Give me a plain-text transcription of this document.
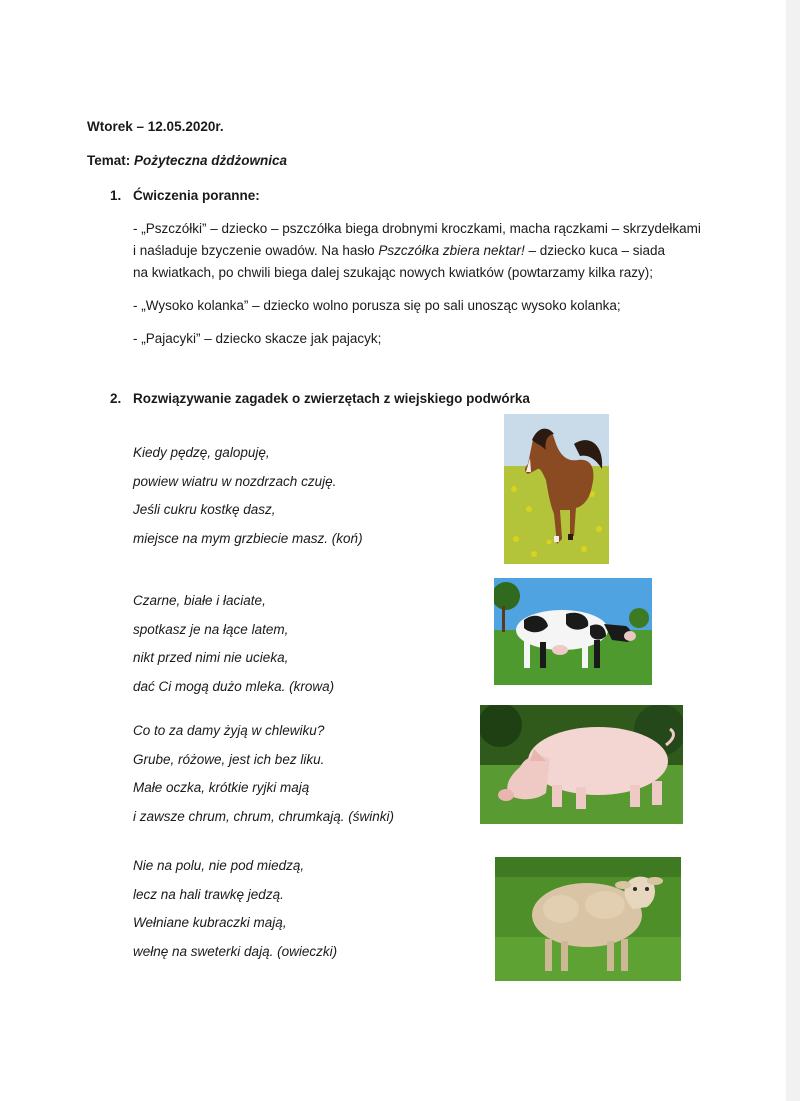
Wtorek – 12.05.2020r.
Temat: Pożyteczna dżdżownica
1. Ćwiczenia poranne:
- „Pszczółki” – dziecko – pszczółka biega drobnymi kroczkami, macha rączkami – skrzydełkami
i naśladuje bzyczenie owadów. Na hasło Pszczółka zbiera nektar! – dziecko kuca – siada
na kwiatkach, po chwili biega dalej szukając nowych kwiatków (powtarzamy kilka razy);
- „Wysoko kolanka” – dziecko wolno porusza się po sali unosząc wysoko kolanka;
- „Pajacyki” – dziecko skacze jak pajacyk;
2. Rozwiązywanie zagadek o zwierzętach z wiejskiego podwórka
Kiedy pędzę, galopuję,
powiew wiatru w nozdrzach czuję.
Jeśli cukru kostkę dasz,
miejsce na mym grzbiecie masz. (koń)
Czarne, białe i łaciate,
spotkasz je na łące latem,
nikt przed nimi nie ucieka,
dać Ci mogą dużo mleka. (krowa)
Co to za damy żyją w chlewiku?
Grube, różowe, jest ich bez liku.
Małe oczka, krótkie ryjki mają
i zawsze chrum, chrum, chrumkają. (świnki)
Nie na polu, nie pod miedzą,
lecz na hali trawkę jedzą.
Wełniane kubraczki mają,
wełnę na sweterki dają. (owieczki)
